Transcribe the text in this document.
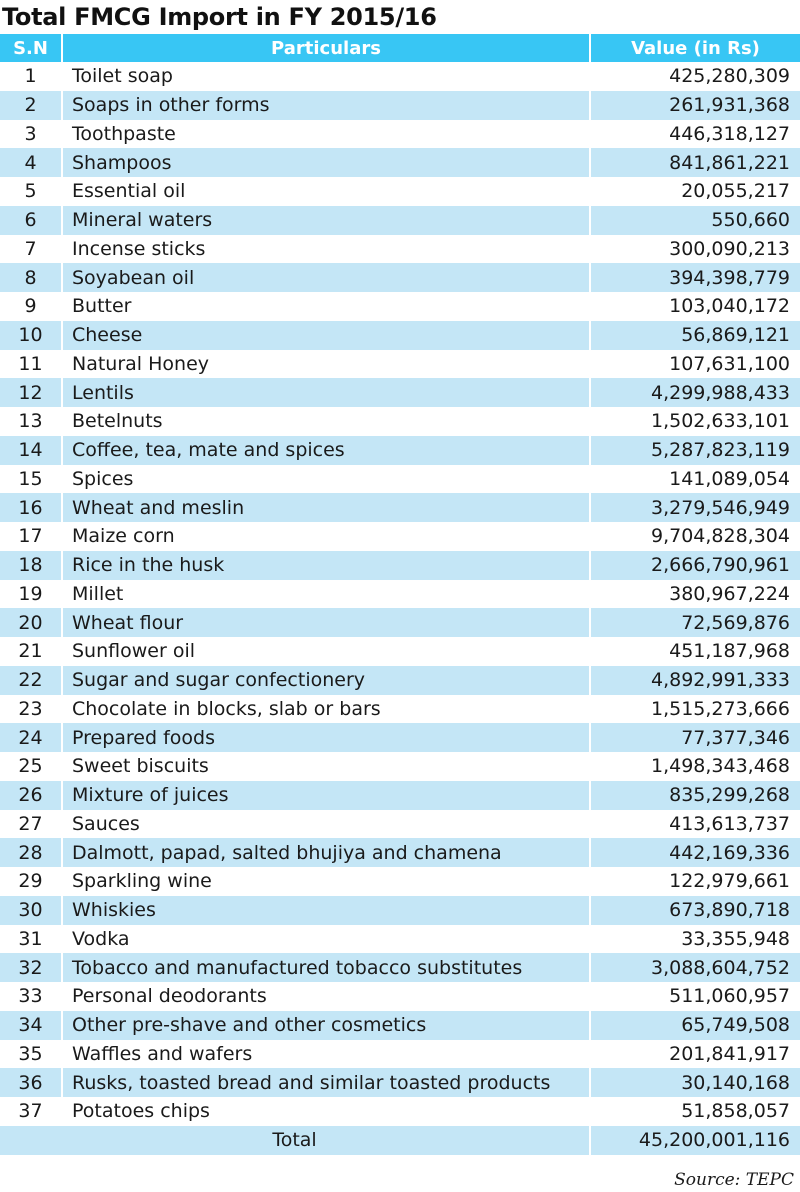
Total FMCG Import in FY 2015/16
S.N	Particulars	Value (in Rs)
1	Toilet soap	425,280,309
2	Soaps in other forms	261,931,368
3	Toothpaste	446,318,127
4	Shampoos	841,861,221
5	Essential oil	20,055,217
6	Mineral waters	550,660
7	Incense sticks	300,090,213
8	Soyabean oil	394,398,779
9	Butter	103,040,172
10	Cheese	56,869,121
11	Natural Honey	107,631,100
12	Lentils	4,299,988,433
13	Betelnuts	1,502,633,101
14	Coffee, tea, mate and spices	5,287,823,119
15	Spices	141,089,054
16	Wheat and meslin	3,279,546,949
17	Maize corn	9,704,828,304
18	Rice in the husk	2,666,790,961
19	Millet	380,967,224
20	Wheat flour	72,569,876
21	Sunflower oil	451,187,968
22	Sugar and sugar confectionery	4,892,991,333
23	Chocolate in blocks, slab or bars	1,515,273,666
24	Prepared foods	77,377,346
25	Sweet biscuits	1,498,343,468
26	Mixture of juices	835,299,268
27	Sauces	413,613,737
28	Dalmott, papad, salted bhujiya and chamena	442,169,336
29	Sparkling wine	122,979,661
30	Whiskies	673,890,718
31	Vodka	33,355,948
32	Tobacco and manufactured tobacco substitutes	3,088,604,752
33	Personal deodorants	511,060,957
34	Other pre-shave and other cosmetics	65,749,508
35	Waffles and wafers	201,841,917
36	Rusks, toasted bread and similar toasted products	30,140,168
37	Potatoes chips	51,858,057
Total		45,200,001,116
Source: TEPC
